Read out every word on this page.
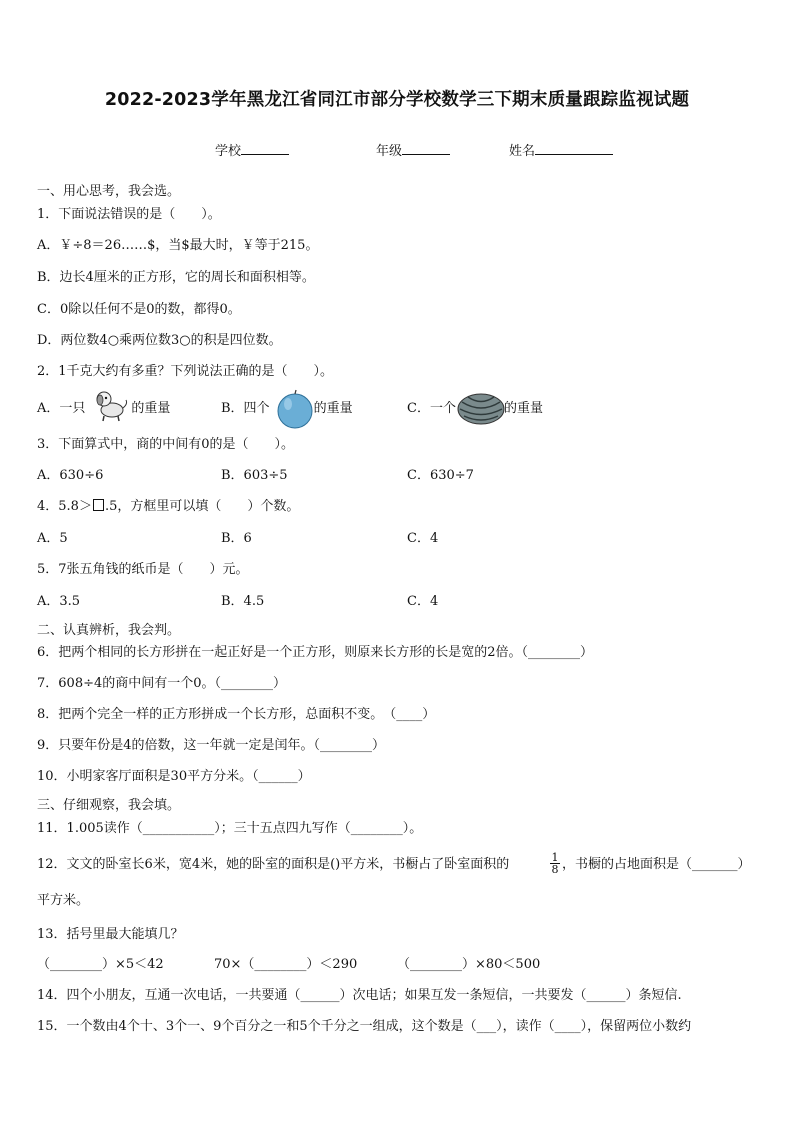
2022-2023学年黑龙江省同江市部分学校数学三下期末质量跟踪监视试题
学校	年级	姓名
一、用心思考，我会选。
1．下面说法错误的是（　　）。
A．￥÷8＝26……$，当$最大时，￥等于215。
B．边长4厘米的正方形，它的周长和面积相等。
C．0除以任何不是0的数，都得0。
D．两位数4○乘两位数3○的积是四位数。
2．1千克大约有多重？下列说法正确的是（　　）。
A．一只	的重量	B．四个	的重量	C．一个	的重量
3．下面算式中，商的中间有0的是（　　）。
A．630÷6	B．603÷5	C．630÷7
4．5.8＞ .5，方框里可以填（　　）个数。
A．5	B．6	C．4
5．7张五角钱的纸币是（　　）元。
A．3.5	B．4.5	C．4
二、认真辨析，我会判。
6．把两个相同的长方形拼在一起正好是一个正方形，则原来长方形的长是宽的2倍。（________）
7．608÷4的商中间有一个0。（________）
8．把两个完全一样的正方形拼成一个长方形，总面积不变。　（____）
9．只要年份是4的倍数，这一年就一定是闰年。（________）
10．小明家客厅面积是30平方分米。（______）
三、仔细观察，我会填。
11．1.005读作（___________）；三十五点四九写作（________）。
12．文文的卧室长6米，宽4米，她的卧室的面积是()平方米，书橱占了卧室面积的	$\frac{1}{8}$ ，书橱的占地面积是（_______）
平方米。
13．括号里最大能填几？
（________）×5＜42	70×（________）＜290	（________）×80＜500
14．四个小朋友，互通一次电话，一共要通（______）次电话；如果互发一条短信，一共要发（______）条短信.
15．一个数由4个十、3个一、9个百分之一和5个千分之一组成，这个数是（___），读作（____），保留两位小数约
